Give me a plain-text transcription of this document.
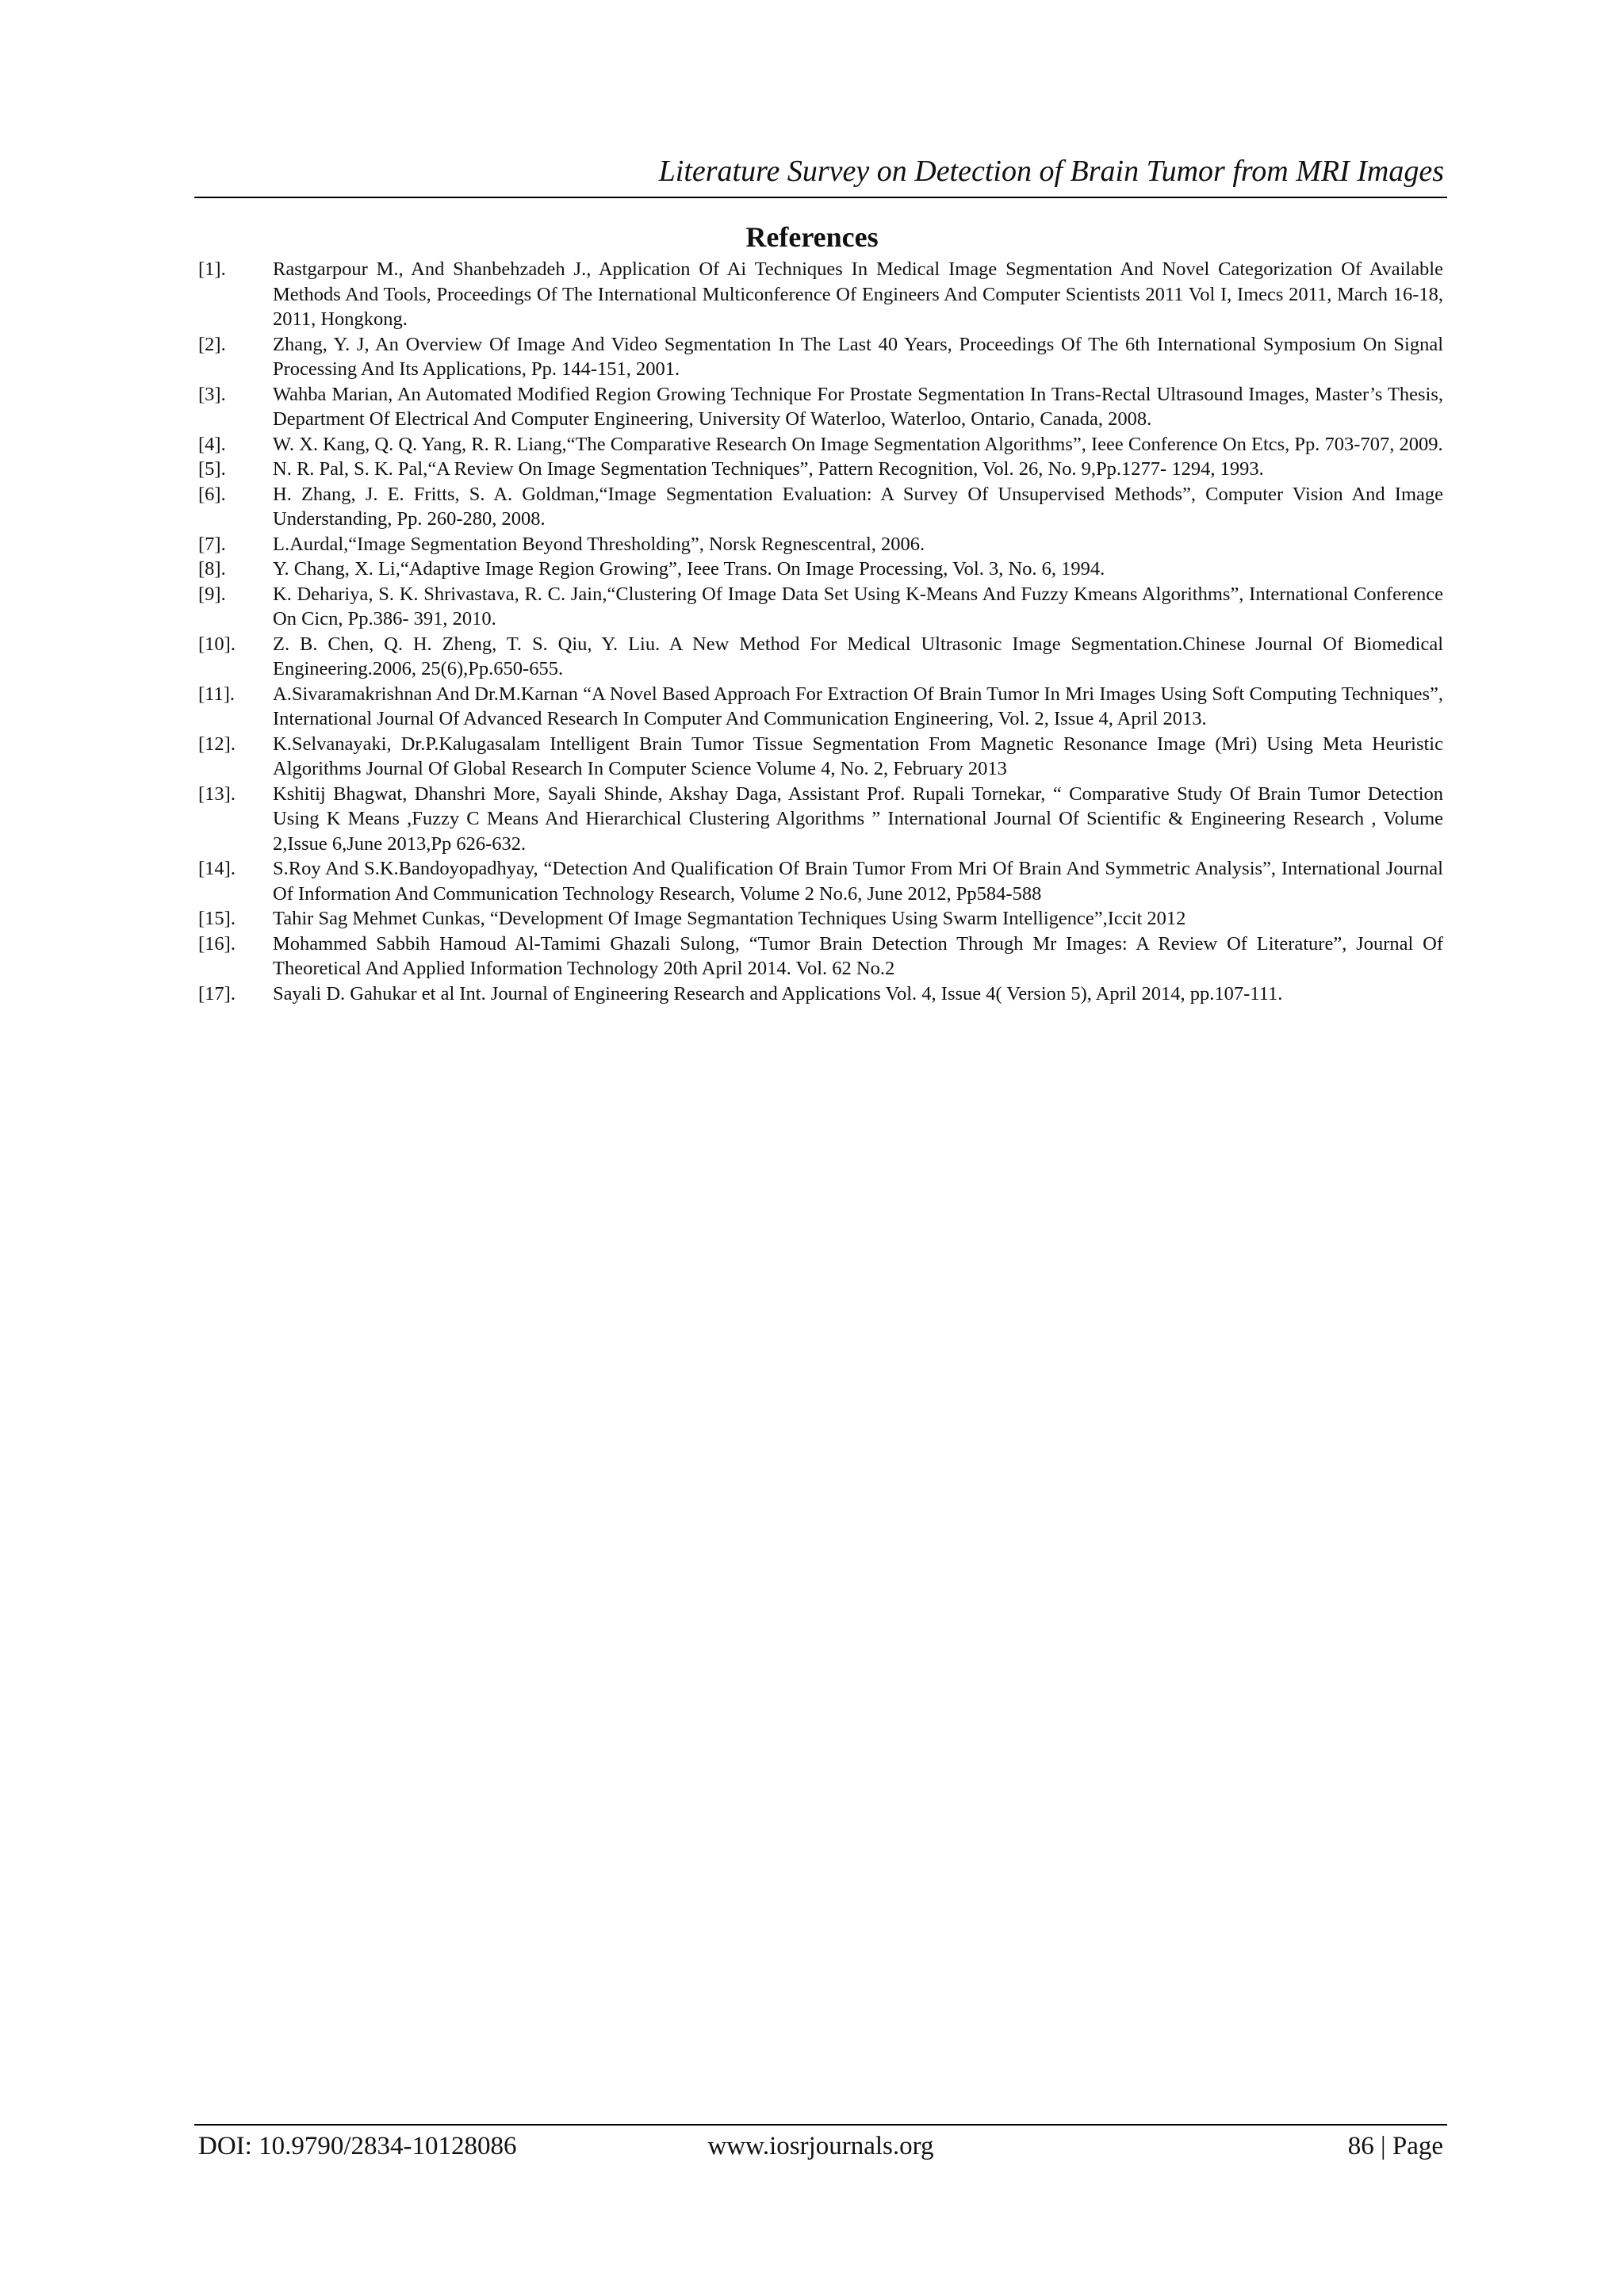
Literature Survey on Detection of Brain Tumor from MRI Images
References
[1].	Rastgarpour M., And Shanbehzadeh J., Application Of Ai Techniques In Medical Image Segmentation And Novel Categorization Of Available Methods And Tools, Proceedings Of The International Multiconference Of Engineers And Computer Scientists 2011 Vol I, Imecs 2011, March 16-18, 2011, Hongkong.
[2].	Zhang, Y. J, An Overview Of Image And Video Segmentation In The Last 40 Years, Proceedings Of The 6th International Symposium On Signal Processing And Its Applications, Pp. 144-151, 2001.
[3].	Wahba Marian, An Automated Modified Region Growing Technique For Prostate Segmentation In Trans-Rectal Ultrasound Images, Master’s Thesis, Department Of Electrical And Computer Engineering, University Of Waterloo, Waterloo, Ontario, Canada, 2008.
[4].	W. X. Kang, Q. Q. Yang, R. R. Liang,“The Comparative Research On Image Segmentation Algorithms”, Ieee Conference On Etcs, Pp. 703-707, 2009.
[5].	N. R. Pal, S. K. Pal,“A Review On Image Segmentation Techniques”, Pattern Recognition, Vol. 26, No. 9,Pp.1277- 1294, 1993.
[6].	H. Zhang, J. E. Fritts, S. A. Goldman,“Image Segmentation Evaluation: A Survey Of Unsupervised Methods”, Computer Vision And Image Understanding, Pp. 260-280, 2008.
[7].	L.Aurdal,“Image Segmentation Beyond Thresholding”, Norsk Regnescentral, 2006.
[8].	Y. Chang, X. Li,“Adaptive Image Region Growing”, Ieee Trans. On Image Processing, Vol. 3, No. 6, 1994.
[9].	K. Dehariya, S. K. Shrivastava, R. C. Jain,“Clustering Of Image Data Set Using K-Means And Fuzzy Kmeans Algorithms”, International Conference On Cicn, Pp.386- 391, 2010.
[10].	Z. B. Chen, Q. H. Zheng, T. S. Qiu, Y. Liu. A New Method For Medical Ultrasonic Image Segmentation.Chinese Journal Of Biomedical Engineering.2006, 25(6),Pp.650-655.
[11].	A.Sivaramakrishnan And Dr.M.Karnan “A Novel Based Approach For Extraction Of Brain Tumor In Mri Images Using Soft Computing Techniques”, International Journal Of Advanced Research In Computer And Communication Engineering, Vol. 2, Issue 4, April 2013.
[12].	K.Selvanayaki, Dr.P.Kalugasalam Intelligent Brain Tumor Tissue Segmentation From Magnetic Resonance Image (Mri) Using Meta Heuristic Algorithms Journal Of Global Research In Computer Science Volume 4, No. 2, February 2013
[13].	Kshitij Bhagwat, Dhanshri More, Sayali Shinde, Akshay Daga, Assistant Prof. Rupali Tornekar, “ Comparative Study Of Brain Tumor Detection Using K Means ,Fuzzy C Means And Hierarchical Clustering Algorithms ” International Journal Of Scientific & Engineering Research , Volume 2,Issue 6,June 2013,Pp 626-632.
[14].	S.Roy And S.K.Bandoyopadhyay, “Detection And Qualification Of Brain Tumor From Mri Of Brain And Symmetric Analysis”, International Journal Of Information And Communication Technology Research, Volume 2 No.6, June 2012, Pp584-588
[15].	Tahir Sag Mehmet Cunkas, “Development Of Image Segmantation Techniques Using Swarm Intelligence”,Iccit 2012
[16].	Mohammed Sabbih Hamoud Al-Tamimi Ghazali Sulong, “Tumor Brain Detection Through Mr Images: A Review Of Literature”, Journal Of Theoretical And Applied Information Technology 20th April 2014. Vol. 62 No.2
[17].	Sayali D. Gahukar et al Int. Journal of Engineering Research and Applications Vol. 4, Issue 4( Version 5), April 2014, pp.107-111.
DOI: 10.9790/2834-10128086	www.iosrjournals.org	86 | Page
